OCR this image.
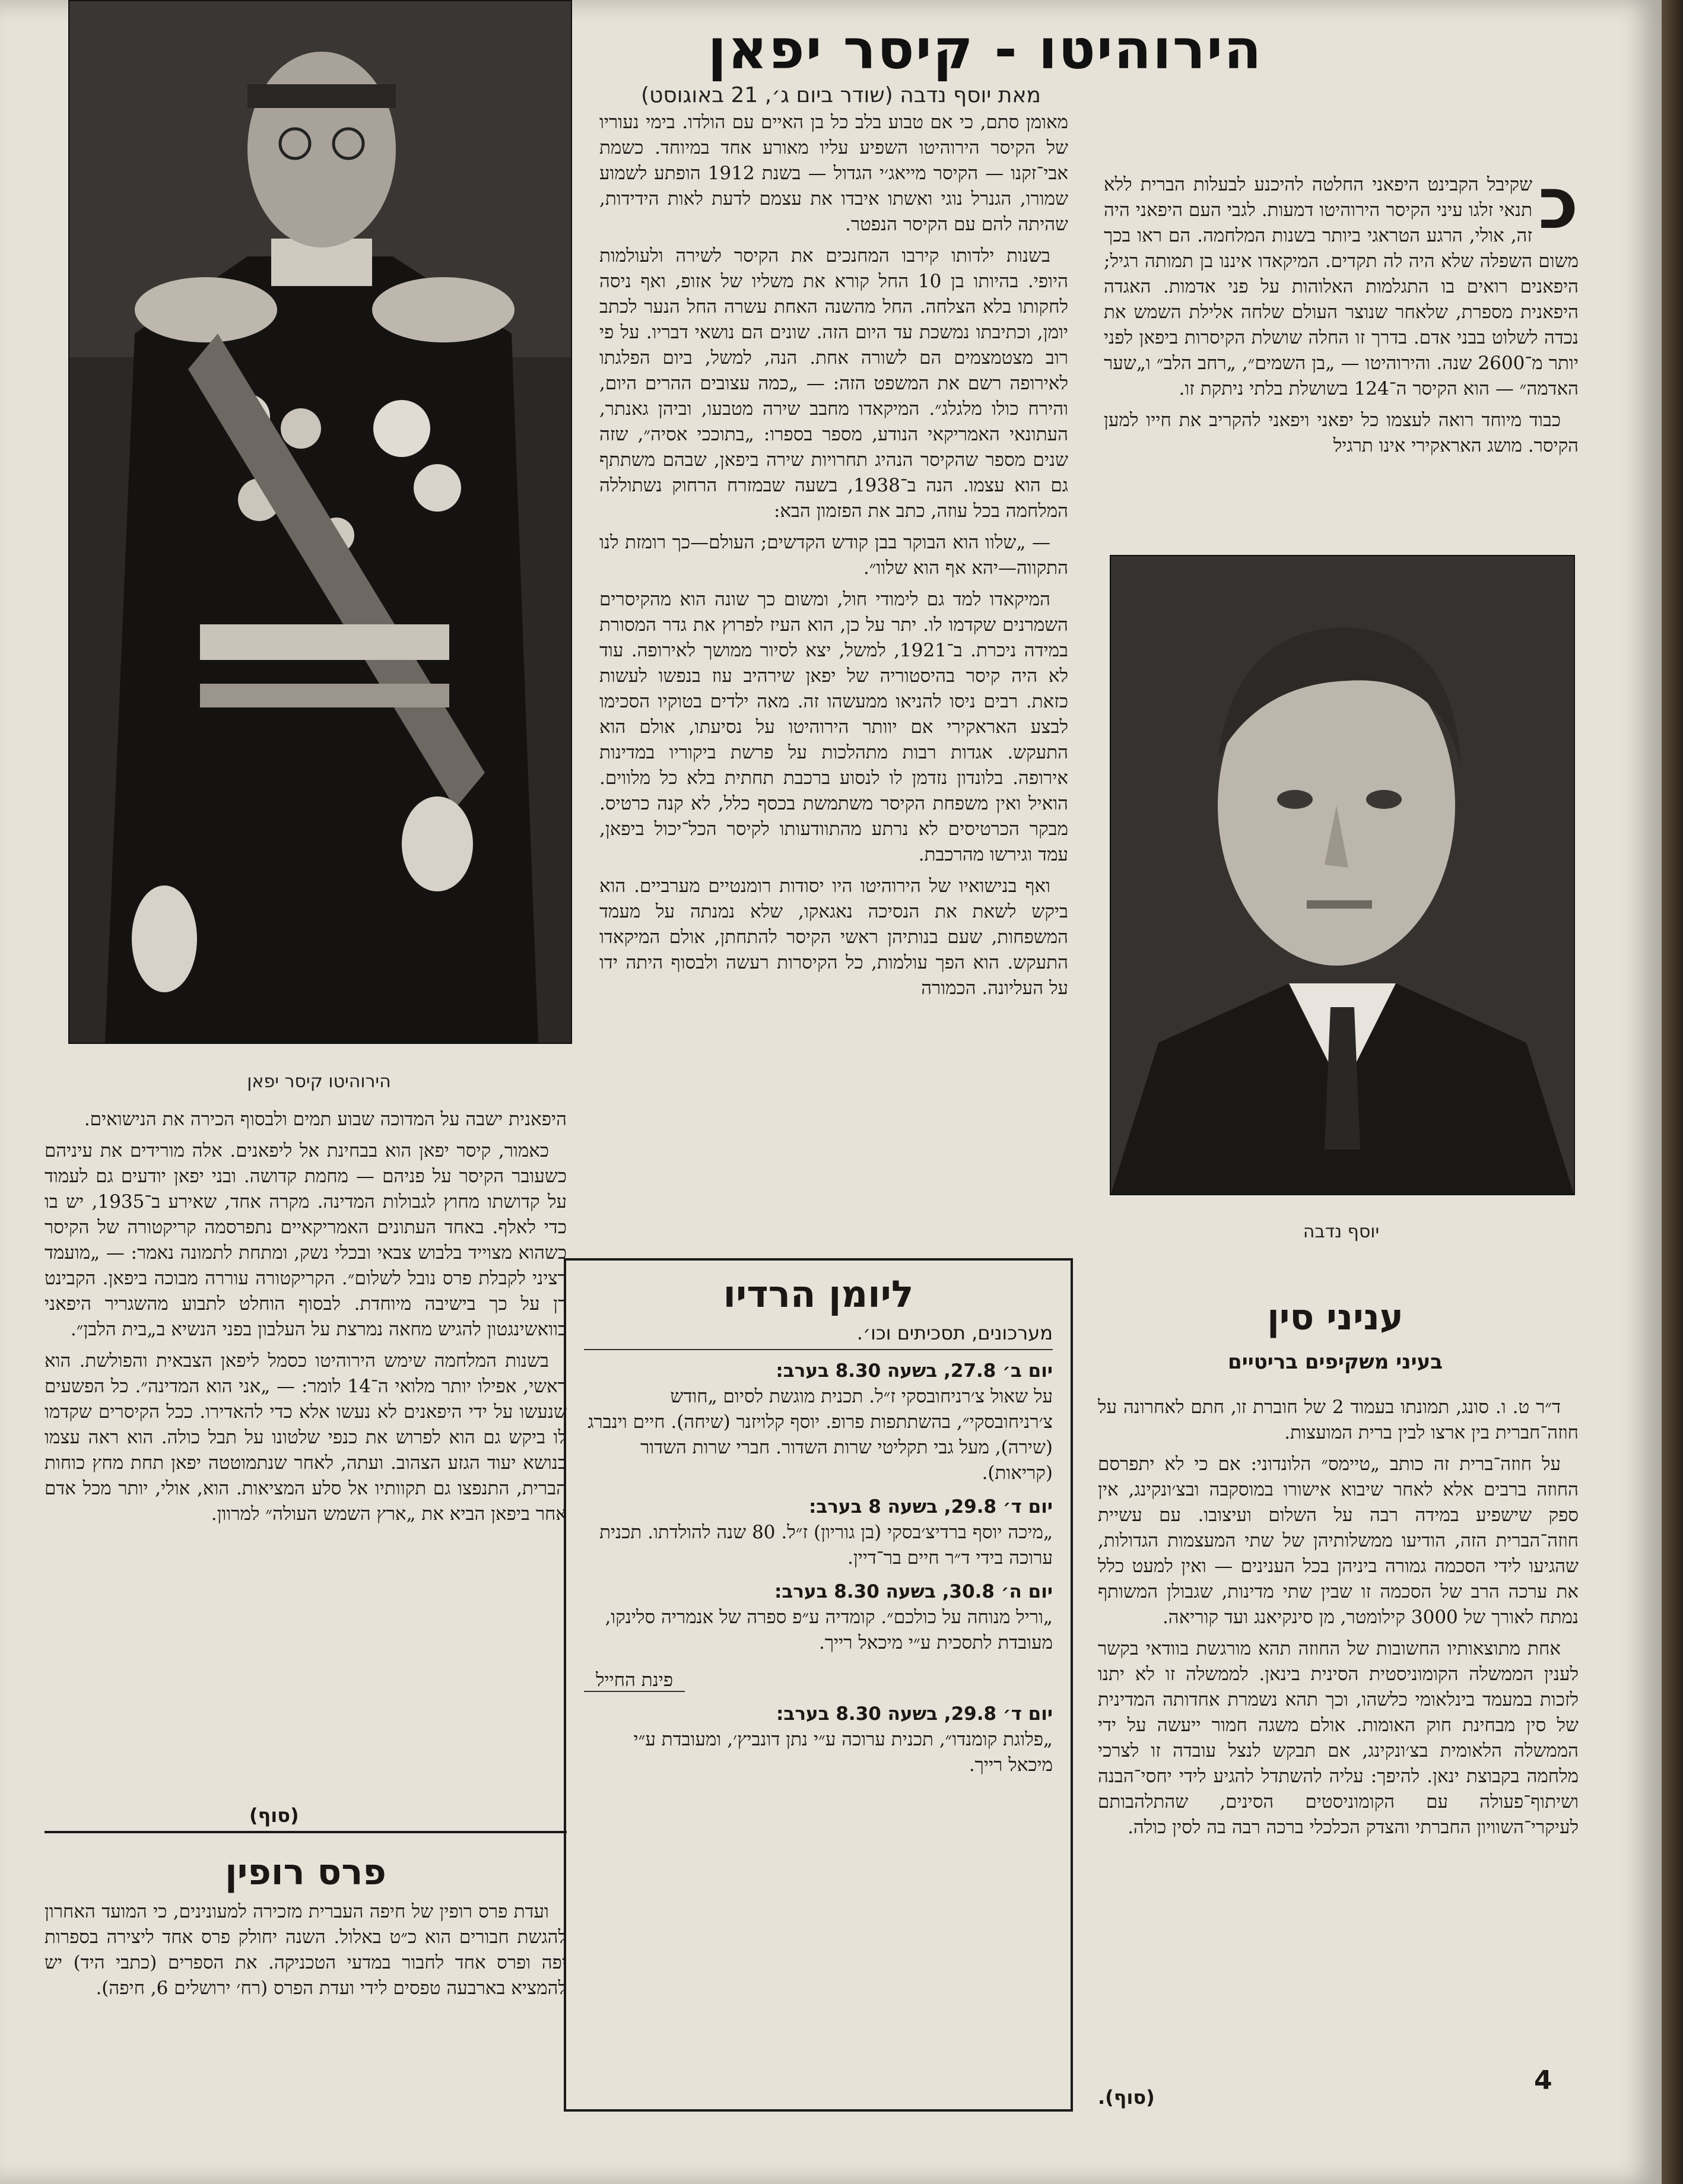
הירוהיטו קיסר יפאן
הירוהיטו - קיסר יפאן
מאת יוסף נדבה (שודר ביום ג׳, 21 באוגוסט)

כ
שקיבל הקבינט היפאני החלטה להיכנע לבעלות הברית ללא תנאי זלגו עיני הקיסר הירוהיטו דמעות. לגבי העם היפאני היה זה, אולי, הרגע הטראגי ביותר בשנות המלחמה. הם ראו בכך משום השפלה שלא היה לה תקדים. המיקאדו איננו בן תמותה רגיל; היפאנים רואים בו התגלמות האלוהות על פני אדמות. האגדה היפאנית מספרת, שלאחר שנוצר העולם שלחה אלילת השמש את נכדה לשלוט בבני אדם. בדרך זו החלה שושלת הקיסרות ביפאן לפני יותר מ־2600 שנה. והירוהיטו — „בן השמים״, „רחב הלב״ ו„שער האדמה״ — הוא הקיסר ה־124 בשושלת בלתי ניתקת זו.

כבוד מיוחד רואה לעצמו כל יפאני ויפאני להקריב את חייו למען הקיסר. מושג האראקירי אינו תרגיל

יוסף נדבה

מאומן סתם, כי אם טבוע בלב כל בן האיים עם הולדו. בימי נעוריו של הקיסר הירוהיטו השפיע עליו מאורע אחד במיוחד. כשמת אבי־זקנו — הקיסר מייאג׳י הגדול — בשנת 1912 הופתע לשמוע שמורו, הגנרל נוגי ואשתו איבדו את עצמם לדעת לאות הידידות, שהיתה להם עם הקיסר הנפטר.

בשנות ילדותו קירבו המחנכים את הקיסר לשירה ולעולמות היופי. בהיותו בן 10 החל קורא את משליו של אזופ, ואף ניסה לחקותו בלא הצלחה. החל מהשנה האחת עשרה החל הנער לכתב יומן, וכתיבתו נמשכת עד היום הזה. שונים הם נושאי דבריו. על פי רוב מצטמצמים הם לשורה אחת. הנה, למשל, ביום הפלגתו לאירופה רשם את המשפט הזה: — „כמה עצובים ההרים היום, והירח כולו מלגלג״. המיקאדו מחבב שירה מטבעו, וביהן גאנתר, העתונאי האמריקאי הנודע, מספר בספרו: „בתוככי אסיה״, שזה שנים מספר שהקיסר הנהיג תחרויות שירה ביפאן, שבהם משתתף גם הוא עצמו. הנה ב־1938, בשעה שבמזרח הרחוק נשתוללה המלחמה בכל עוזה, כתב את הפזמון הבא:

— „שלוו הוא הבוקר בבן קודש הקדשים; העולם—כך רומזת לנו התקווה—יהא אף הוא שלוו״.

המיקאדו למד גם לימודי חול, ומשום כך שונה הוא מהקיסרים השמרנים שקדמו לו. יתר על כן, הוא העיז לפרוץ את גדר המסורת במידה ניכרת. ב־1921, למשל, יצא לסיור ממושך לאירופה. עוד לא היה קיסר בהיסטוריה של יפאן שירהיב עוז בנפשו לעשות כזאת. רבים ניסו להניאו ממעשהו זה. מאה ילדים בטוקיו הסכימו לבצע האראקירי אם יוותר הירוהיטו על נסיעתו, אולם הוא התעקש. אגדות רבות מתהלכות על פרשת ביקוריו במדינות אירופה. בלונדון נזדמן לו לנסוע ברכבת תחתית בלא כל מלווים. הואיל ואין משפחת הקיסר משתמשת בכסף כלל, לא קנה כרטיס. מבקר הכרטיסים לא נרתע מהתוודעותו לקיסר הכל־יכול ביפאן, עמד וגירשו מהרכבת.

ואף בנישואיו של הירוהיטו היו יסודות רומנטיים מערביים. הוא ביקש לשאת את הנסיכה נאגאקו, שלא נמנתה על מעמד המשפחות, שעם בנותיהן ראשי הקיסר להתחתן, אולם המיקאדו התעקש. הוא הפך עולמות, כל הקיסרות רעשה ולבסוף היתה ידו על העליונה. הכמורה

היפאנית ישבה על המדוכה שבוע תמים ולבסוף הכירה את הנישואים.

כאמור, קיסר יפאן הוא בבחינת אל ליפאנים. אלה מורידים את עיניהם כשעובר הקיסר על פניהם — מחמת קדושה. ובני יפאן יודעים גם לעמוד על קדושתו מחוץ לגבולות המדינה. מקרה אחד, שאירע ב־1935, יש בו כדי לאלף. באחד העתונים האמריקאיים נתפרסמה קריקטורה של הקיסר כשהוא מצוייד בלבוש צבאי ובכלי נשק, ומתחת לתמונה נאמר: — „מועמד רציני לקבלת פרס נובל לשלום״. הקריקטורה עוררה מבוכה ביפאן. הקבינט דן על כך בישיבה מיוחדת. לבסוף הוחלט לתבוע מהשגריר היפאני בוואשינגטון להגיש מחאה נמרצת על העלבון בפני הנשיא ב„בית הלבן״.

בשנות המלחמה שימש הירוהיטו כסמל ליפאן הצבאית והפולשת. הוא ראשי, אפילו יותר מלואי ה־14 לומר: — „אני הוא המדינה״. כל הפשעים שנעשו על ידי היפאנים לא נעשו אלא כדי להאדירו. ככל הקיסרים שקדמו לו ביקש גם הוא לפרוש את כנפי שלטונו על תבל כולה. הוא ראה עצמו כנושא יעוד הגזע הצהוב. ועתה, לאחר שנתמוטטה יפאן תחת מחץ כוחות הברית, התנפצו גם תקוותיו אל סלע המציאות. הוא, אולי, יותר מכל אדם אחר ביפאן הביא את „ארץ השמש העולה״ למרוון.

(סוף)
פרס רופין

ועדת פרס רופין של חיפה העברית מזכירה למעונינים, כי המועד האחרון להגשת חבורים הוא כ״ט באלול. השנה יחולק פרס אחד ליצירה בספרות יפה ופרס אחד לחבור במדעי הטכניקה. את הספרים (כתבי היד) יש להמציא בארבעה טפסים לידי ועדת הפרס (רח׳ ירושלים 6, חיפה).

ליומן הרדיו
מערכונים, תסכיתים וכו׳.
יום ב׳ 27.8, בשעה 8.30 בערב:
על שאול צ׳רניחובסקי ז״ל. תכנית מוגשת לסיום „חודש צ׳רניחובסקי״, בהשתתפות פרופ. יוסף קלויזנר (שיחה). חיים וינברג (שירה), מעל גבי תקליטי שרות השדור. חברי שרות השדור (קריאות).
יום ד׳ 29.8, בשעה 8 בערב:
„מיכה יוסף ברדיצ׳בסקי (בן גוריון) ז״ל. 80 שנה להולדתו. תכנית ערוכה בידי ד״ר חיים בר־דיין.
יום ה׳ 30.8, בשעה 8.30 בערב:
„וריל מנוחה על כולכם״. קומדיה ע״פ ספרה של אנמריה סלינקו, מעובדת לתסכית ע״י מיכאל רייך.
פינת החייל
יום ד׳ 29.8, בשעה 8.30 בערב:
„פלוגת קומנדו״, תכנית ערוכה ע״י נתן דונביץ׳, ומעובדת ע״י מיכאל רייך.
עניני סין
בעיני משקיפים בריטיים

ד״ר ט. ו. סונג, תמונתו בעמוד 2 של חוברת זו, חתם לאחרונה על חוזה־חברית בין ארצו לבין ברית המועצות.

על חוזה־ברית זה כותב „טיימס״ הלונדוני: אם כי לא יתפרסם החוזה ברבים אלא לאחר שיבוא אישורו במוסקבה ובצ׳ונקינג, אין ספק שישפיע במידה רבה על השלום ועיצובו. עם עשיית חוזה־הברית הזה, הודיעו ממשלותיהן של שתי המעצמות הגדולות, שהגיעו לידי הסכמה גמורה ביניהן בכל הענינים — ואין למעט כלל את ערכה הרב של הסכמה זו שבין שתי מדינות, שגבולן המשותף נמתח לאורך של 3000 קילומטר, מן סינקיאנג ועד קוריאה.

אחת מתוצאותיו החשובות של החוזה תהא מורגשת בוודאי בקשר לענין הממשלה הקומוניסטית הסינית בינאן. לממשלה זו לא יתנו לזכות במעמד בינלאומי כלשהו, וכך תהא נשמרת אחדותה המדינית של סין מבחינת חוק האומות. אולם משגה חמור ייעשה על ידי הממשלה הלאומית בצ׳ונקינג, אם תבקש לנצל עובדה זו לצרכי מלחמה בקבוצת ינאן. להיפך: עליה להשתדל להגיע לידי יחסי־הבנה ושיתוף־פעולה עם הקומוניסטים הסינים, שהתלהבותם לעיקרי־השוויון החברתי והצדק הכלכלי ברכה רבה בה לסין כולה.

(סוף).
4
